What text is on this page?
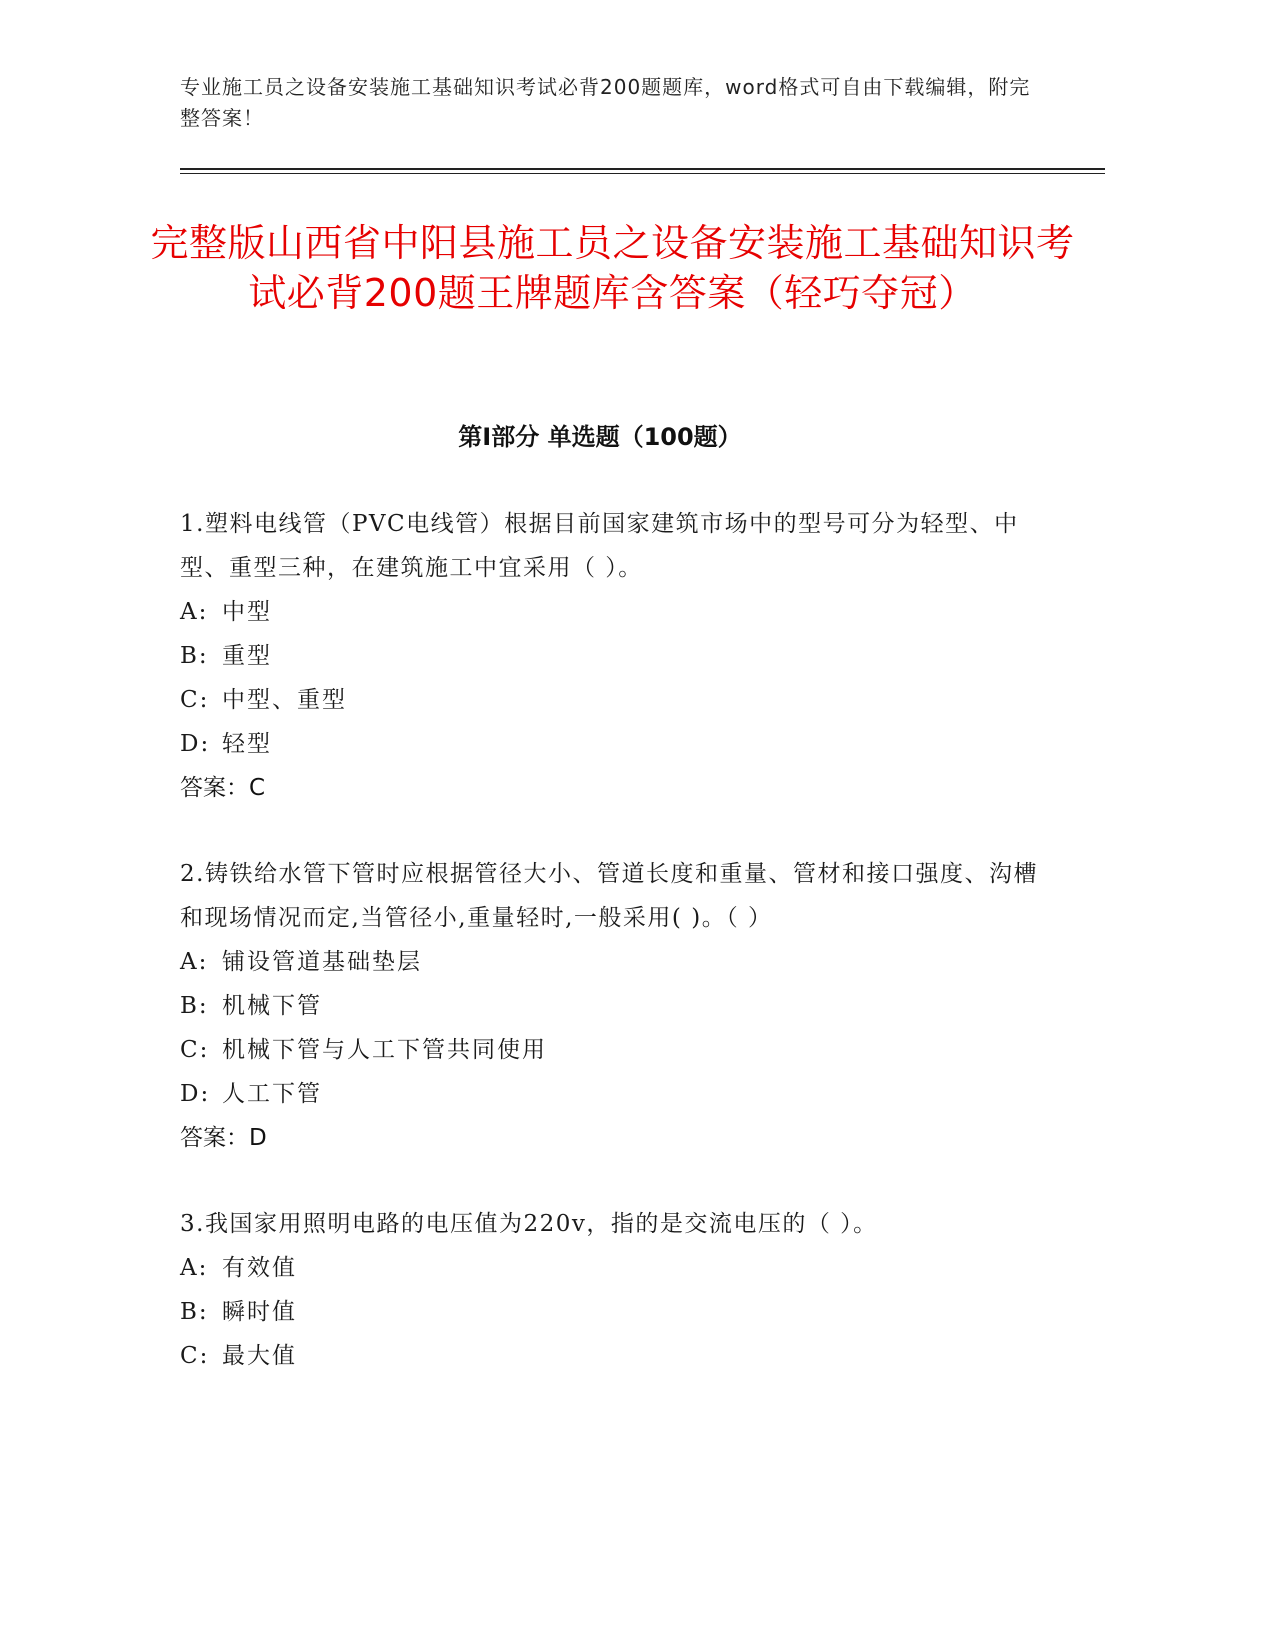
专业施工员之设备安装施工基础知识考试必背200题题库，word格式可自由下载编辑，附完整答案！
完整版山西省中阳县施工员之设备安装施工基础知识考试必背200题王牌题库含答案（轻巧夺冠）
第Ⅰ部分 单选题（100题）

1.塑料电线管（PVC电线管）根据目前国家建筑市场中的型号可分为轻型、中型、重型三种，在建筑施工中宜采用（ ）。

A: 中型
B: 重型
C: 中型、重型
D: 轻型
答案：C

2.铸铁给水管下管时应根据管径大小、管道长度和重量、管材和接口强度、沟槽和现场情况而定,当管径小,重量轻时,一般采用( )。（ ）

A: 铺设管道基础垫层
B: 机械下管
C: 机械下管与人工下管共同使用
D: 人工下管
答案：D

3.我国家用照明电路的电压值为220v，指的是交流电压的（ ）。

A: 有效值
B: 瞬时值
C: 最大值
